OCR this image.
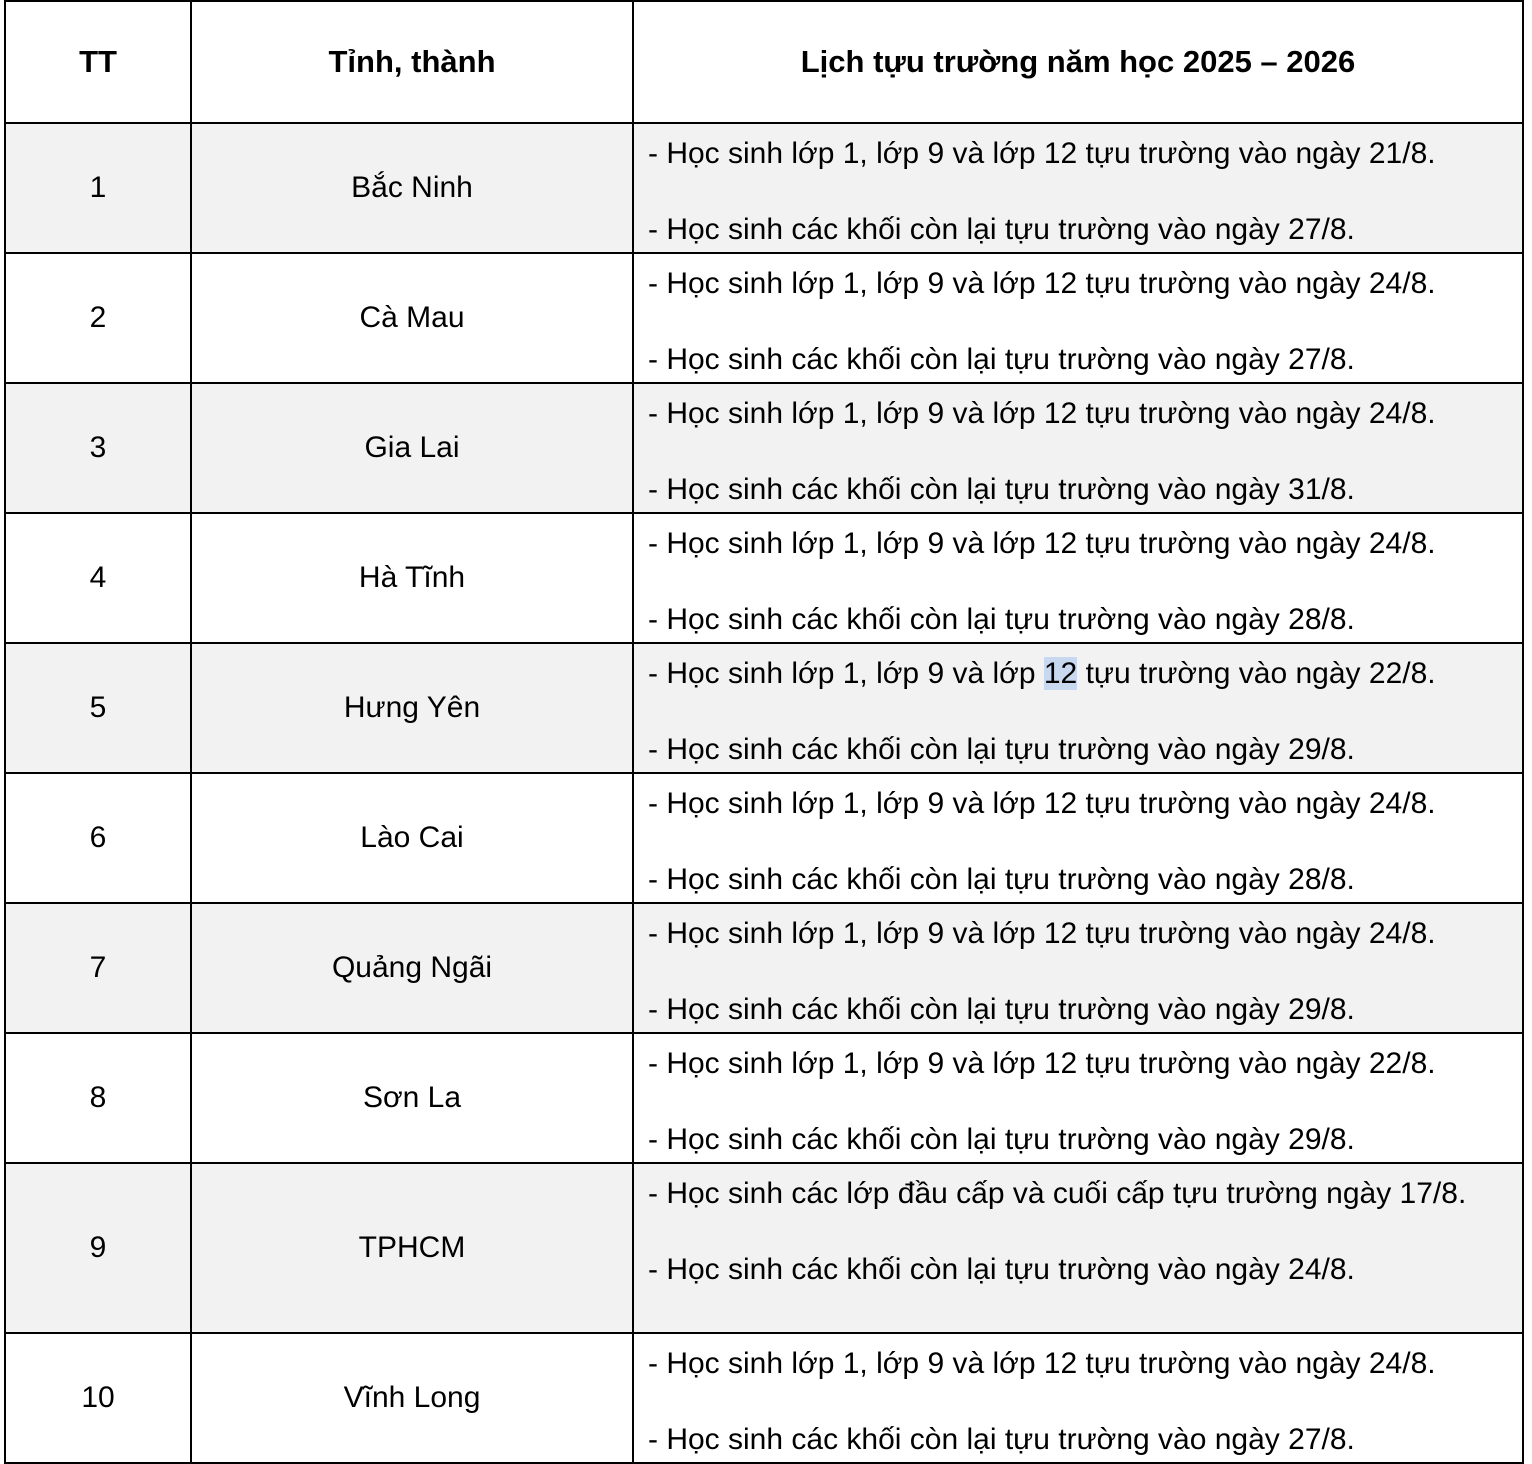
TT	Tỉnh, thành	Lịch tựu trường năm học 2025 – 2026
1	Bắc Ninh	- Học sinh lớp 1, lớp 9 và lớp 12 tựu trường vào ngày 21/8.
- Học sinh các khối còn lại tựu trường vào ngày 27/8.

2	Cà Mau	- Học sinh lớp 1, lớp 9 và lớp 12 tựu trường vào ngày 24/8.
- Học sinh các khối còn lại tựu trường vào ngày 27/8.

3	Gia Lai	- Học sinh lớp 1, lớp 9 và lớp 12 tựu trường vào ngày 24/8.
- Học sinh các khối còn lại tựu trường vào ngày 31/8.

4	Hà Tĩnh	- Học sinh lớp 1, lớp 9 và lớp 12 tựu trường vào ngày 24/8.
- Học sinh các khối còn lại tựu trường vào ngày 28/8.

5	Hưng Yên	- Học sinh lớp 1, lớp 9 và lớp 12 tựu trường vào ngày 22/8.
- Học sinh các khối còn lại tựu trường vào ngày 29/8.

6	Lào Cai	- Học sinh lớp 1, lớp 9 và lớp 12 tựu trường vào ngày 24/8.
- Học sinh các khối còn lại tựu trường vào ngày 28/8.

7	Quảng Ngãi	- Học sinh lớp 1, lớp 9 và lớp 12 tựu trường vào ngày 24/8.
- Học sinh các khối còn lại tựu trường vào ngày 29/8.

8	Sơn La	- Học sinh lớp 1, lớp 9 và lớp 12 tựu trường vào ngày 22/8.
- Học sinh các khối còn lại tựu trường vào ngày 29/8.

9	TPHCM	- Học sinh các lớp đầu cấp và cuối cấp tựu trường ngày 17/8.
- Học sinh các khối còn lại tựu trường vào ngày 24/8.

10	Vĩnh Long	- Học sinh lớp 1, lớp 9 và lớp 12 tựu trường vào ngày 24/8.
- Học sinh các khối còn lại tựu trường vào ngày 27/8.
